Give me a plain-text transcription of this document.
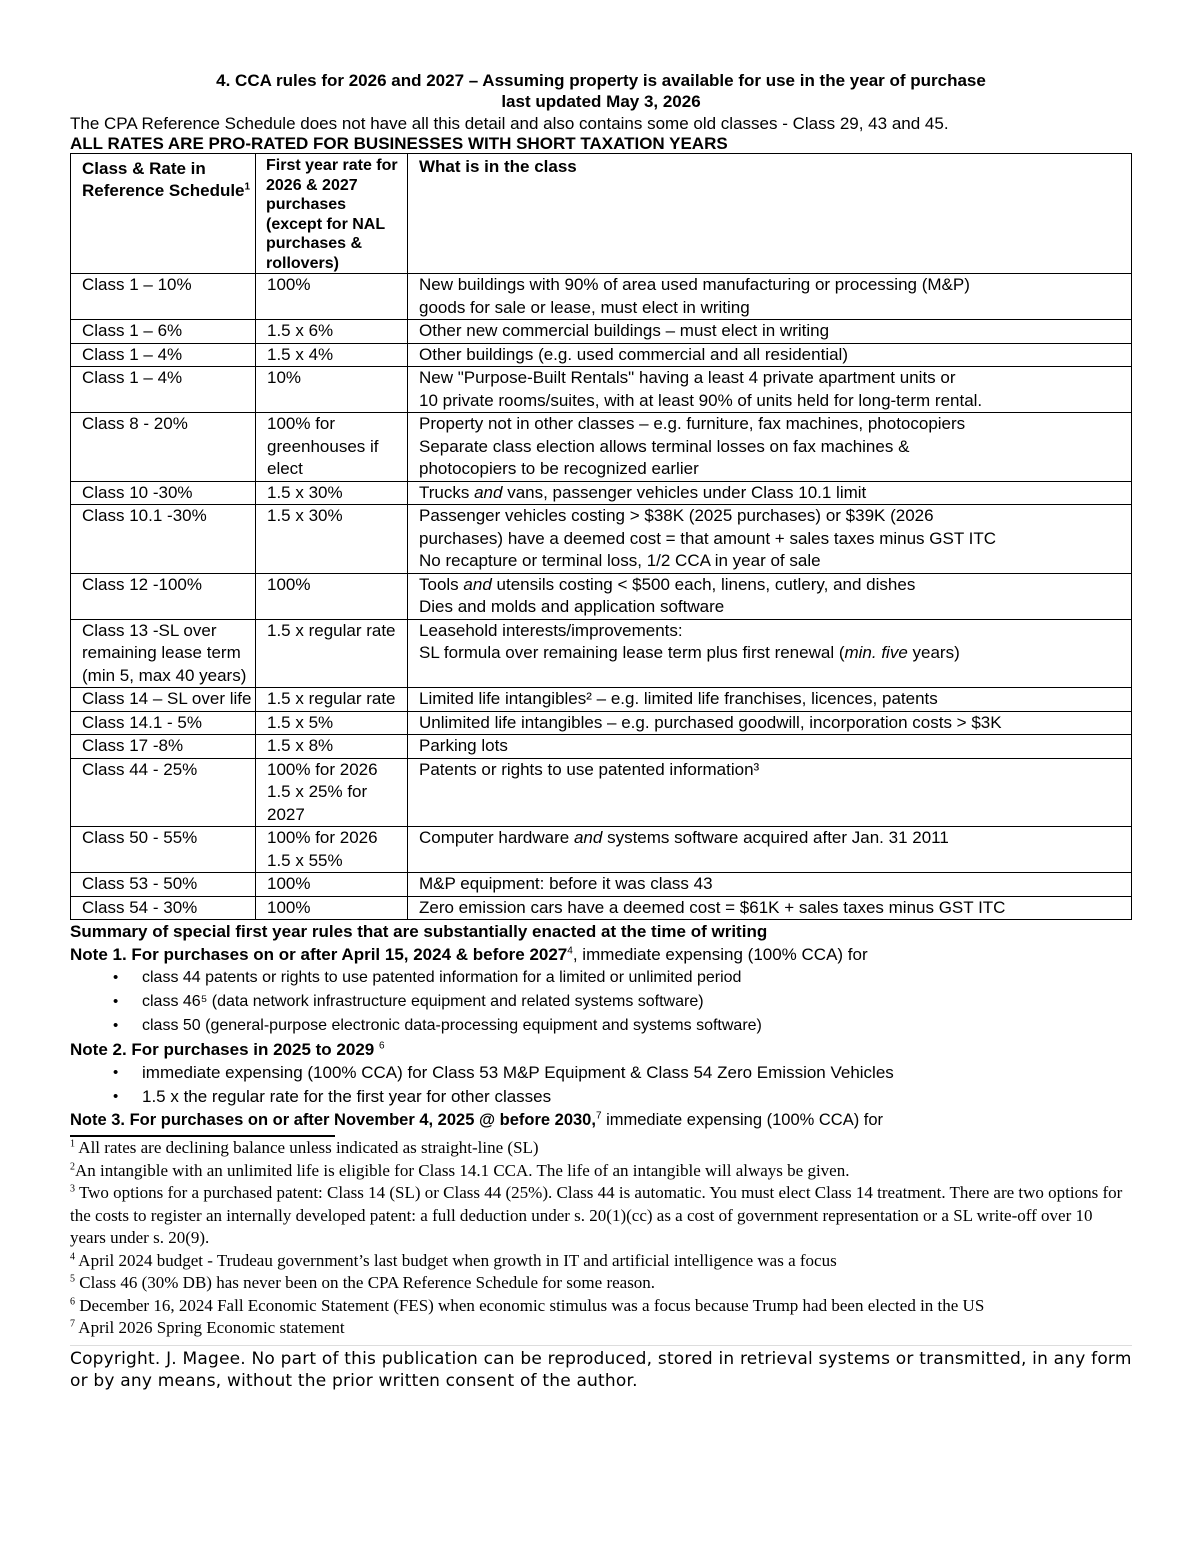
4. CCA rules for 2026 and 2027 – Assuming property is available for use in the year of purchase
last updated May 3, 2026
The CPA Reference Schedule does not have all this detail and also contains some old classes - Class 29, 43 and 45.
ALL RATES ARE PRO-RATED FOR BUSINESSES WITH SHORT TAXATION YEARS
Class & Rate in Reference Schedule$^1$	First year rate for 2026 & 2027 purchases (except for NAL purchases & rollovers)	What is in the class
Class 1 – 10%	100%	New buildings with 90% of area used manufacturing or processing (M&P)
goods for sale or lease, must elect in writing

Class 1 – 6%	1.5 x 6%	Other new commercial buildings – must elect in writing

Class 1 – 4%	1.5 x 4%	Other buildings (e.g. used commercial and all residential)

Class 1 – 4%	10%	New "Purpose-Built Rentals" having a least 4 private apartment units or
10 private rooms/suites, with at least 90% of units held for long-term rental.

Class 8 - 20%	100% for greenhouses if elect	Property not in other classes – e.g. furniture, fax machines, photocopiers
Separate class election allows terminal losses on fax machines &
photocopiers to be recognized earlier

Class 10 -30%	1.5 x 30%	Trucks and vans, passenger vehicles under Class 10.1 limit

Class 10.1 -30%	1.5 x 30%	Passenger vehicles costing > $38K (2025 purchases) or $39K (2026
purchases) have a deemed cost = that amount + sales taxes minus GST ITC
No recapture or terminal loss, 1/2 CCA in year of sale

Class 12 -100%	100%	Tools and utensils costing < $500 each, linens, cutlery, and dishes
Dies and molds and application software

Class 13 -SL over remaining lease term (min 5, max 40 years)	1.5 x regular rate	Leasehold interests/improvements:
SL formula over remaining lease term plus first renewal (min. five years)

Class 14 – SL over life	1.5 x regular rate	Limited life intangibles² – e.g. limited life franchises, licences, patents

Class 14.1 - 5%	1.5 x 5%	Unlimited life intangibles – e.g. purchased goodwill, incorporation costs > $3K

Class 17 -8%	1.5 x 8%	Parking lots

Class 44 - 25%	100% for 2026 1.5 x 25% for 2027	Patents or rights to use patented information³

Class 50 - 55%	100% for 2026 1.5 x 55%	Computer hardware and systems software acquired after Jan. 31 2011

Class 53 - 50%	100%	M&P equipment: before it was class 43

Class 54 - 30%	100%	Zero emission cars have a deemed cost = $61K + sales taxes minus GST ITC
Summary of special first year rules that are substantially enacted at the time of writing
Note 1. For purchases on or after April 15, 2024 & before 2027$^4$, immediate expensing (100% CCA) for
• class 44 patents or rights to use patented information for a limited or unlimited period
• class 46⁵ (data network infrastructure equipment and related systems software)
• class 50 (general-purpose electronic data-processing equipment and systems software)
Note 2. For purchases in 2025 to 2029 $^6$
• immediate expensing (100% CCA) for Class 53 M&P Equipment & Class 54 Zero Emission Vehicles
• 1.5 x the regular rate for the first year for other classes
Note 3. For purchases on or after November 4, 2025 @ before 2030,$^7$ immediate expensing (100% CCA) for
$^1$ All rates are declining balance unless indicated as straight-line (SL)
$^2$An intangible with an unlimited life is eligible for Class 14.1 CCA. The life of an intangible will always be given.
$^3$ Two options for a purchased patent: Class 14 (SL) or Class 44 (25%). Class 44 is automatic. You must elect Class 14 treatment. There are two options for the costs to register an internally developed patent: a full deduction under s. 20(1)(cc) as a cost of government representation or a SL write-off over 10 years under s. 20(9).
$^4$ April 2024 budget - Trudeau government’s last budget when growth in IT and artificial intelligence was a focus
$^5$ Class 46 (30% DB) has never been on the CPA Reference Schedule for some reason.
$^6$ December 16, 2024 Fall Economic Statement (FES) when economic stimulus was a focus because Trump had been elected in the US
$^7$ April 2026 Spring Economic statement
Copyright. J. Magee. No part of this publication can be reproduced, stored in retrieval systems or transmitted, in any form or by any means, without the prior written consent of the author.
